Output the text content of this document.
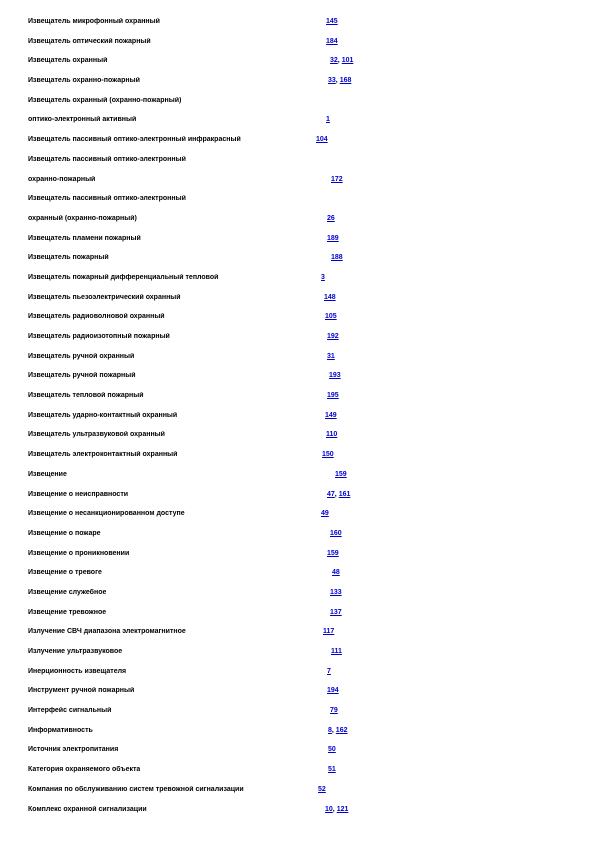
Извещатель микрофонный охранный	145
Извещатель оптический пожарный	184
Извещатель охранный	32, 101
Извещатель охранно-пожарный	33, 168
Извещатель охранный (охранно-пожарный)
оптико-электронный активный	1
Извещатель пассивный оптико-электронный инфракрасный	104
Извещатель пассивный оптико-электронный
охранно-пожарный	172
Извещатель пассивный оптико-электронный
охранный (охранно-пожарный)	26
Извещатель пламени пожарный	189
Извещатель пожарный	188
Извещатель пожарный дифференциальный тепловой	3
Извещатель пьезоэлектрический охранный	148
Извещатель радиоволновой охранный	105
Извещатель радиоизотопный пожарный	192
Извещатель ручной охранный	31
Извещатель ручной пожарный	193
Извещатель тепловой пожарный	195
Извещатель ударно-контактный охранный	149
Извещатель ультразвуковой охранный	110
Извещатель электроконтактный охранный	150
Извещение	159
Извещение о неисправности	47, 161
Извещение о несанкционированном доступе	49
Извещение о пожаре	160
Извещение о проникновении	159
Извещение о тревоге	48
Извещение служебное	133
Извещение тревожное	137
Излучение СВЧ диапазона электромагнитное	117
Излучение ультразвуковое	111
Инерционность извещателя	7
Инструмент ручной пожарный	194
Интерфейс сигнальный	79
Информативность	8, 162
Источник электропитания	50
Категория охраняемого объекта	51
Компания по обслуживанию систем тревожной сигнализации	52
Комплекс охранной сигнализации	10, 121
